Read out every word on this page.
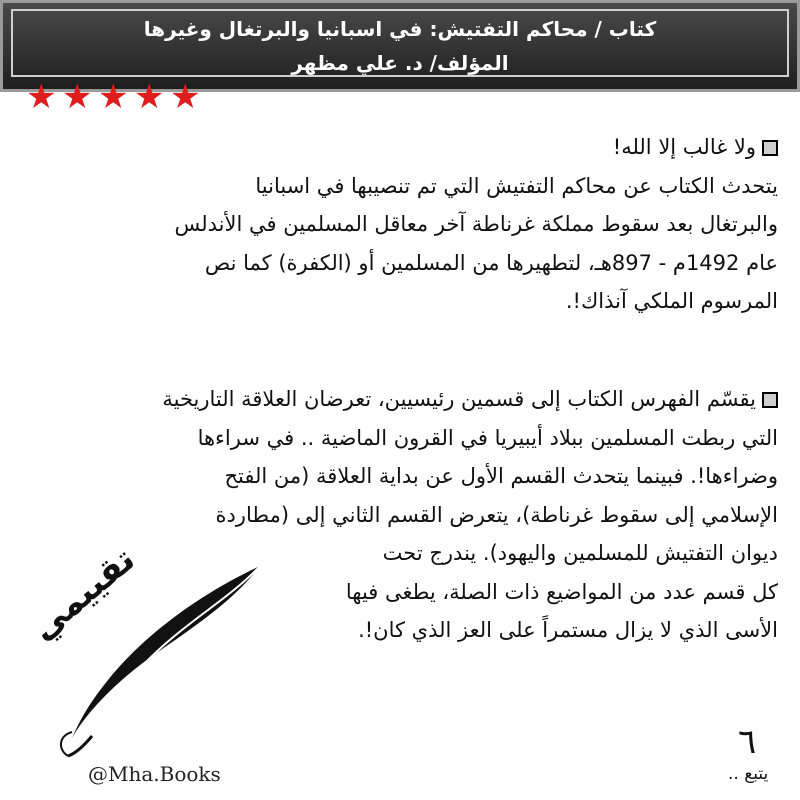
كتاب / محاكم التفتيش: في اسبانيا والبرتغال وغيرها
المؤلف/ د. علي مظهر
★ ★ ★ ★ ★
ولا غالب إلا الله!
يتحدث الكتاب عن محاكم التفتيش التي تم تنصيبها في اسبانيا
والبرتغال بعد سقوط مملكة غرناطة آخر معاقل المسلمين في الأندلس
عام 1492م - 897هـ، لتطهيرها من المسلمين أو (الكفرة) كما نص
المرسوم الملكي آنذاك!.
يقسّم الفهرس الكتاب إلى قسمين رئيسيين، تعرضان العلاقة التاريخية
التي ربطت المسلمين ببلاد أيبيريا في القرون الماضية .. في سراءها
وضراءها!. فبينما يتحدث القسم الأول عن بداية العلاقة (من الفتح
الإسلامي إلى سقوط غرناطة)، يتعرض القسم الثاني إلى (مطاردة
ديوان التفتيش للمسلمين واليهود). يندرج تحت
كل قسم عدد من المواضيع ذات الصلة، يطغى فيها
الأسى الذي لا يزال مستمراً على العز الذي كان!.
تقييمي
@Mha.Books
٦
يتبع ..
